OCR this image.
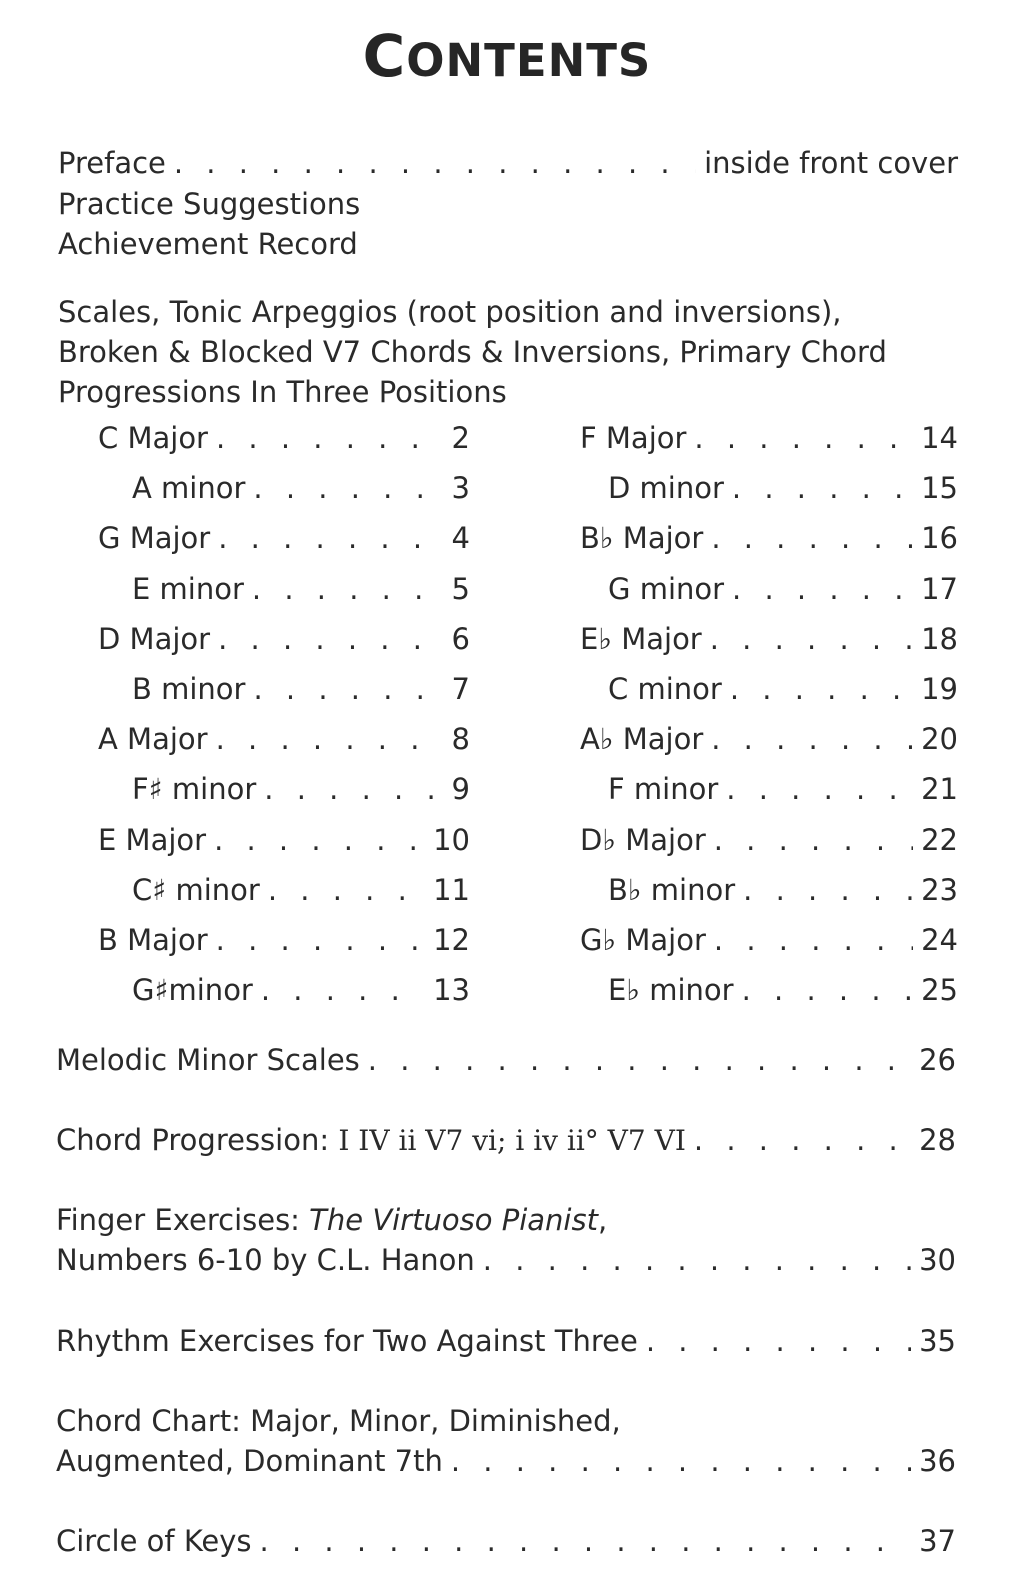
CONTENTS
Preface . . .	inside front cover
Practice Suggestions
Achievement Record
Scales, Tonic Arpeggios (root position and inversions),
Broken & Blocked V7 Chords & Inversions, Primary Chord
Progressions In Three Positions
C Major . . .	2
A minor . . .	3
G Major . . .	4
E minor . . .	5
D Major . . .	6
B minor . . .	7
A Major . . .	8
F♯ minor . . .	9
E Major . . .	10
C♯ minor . . .	11
B Major . . .	12
G♯minor . . .	13
F Major . . .	14
D minor . . .	15
B♭ Major . . .	16
G minor . . .	17
E♭ Major . . .	18
C minor . . .	19
A♭ Major . . .	20
F minor . . .	21
D♭ Major . . .	22
B♭ minor . . .	23
G♭ Major . . .	24
E♭ minor . . .	25
Melodic Minor Scales . . .	26
Chord Progression: I IV ii V7 vi; i iv ii° V7 VI . . .	28
Finger Exercises: The Virtuoso Pianist,
Numbers 6-10 by C.L. Hanon . . .	30
Rhythm Exercises for Two Against Three . . .	35
Chord Chart: Major, Minor, Diminished,
Augmented, Dominant 7th . . .	36
Circle of Keys . . .	37
